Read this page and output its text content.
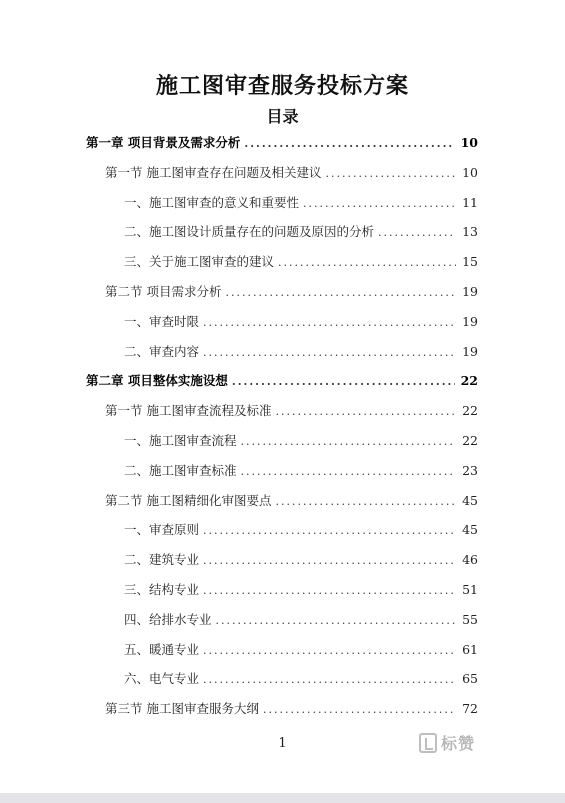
施工图审查服务投标方案
目录
第一章 项目背景及需求分析 .....	10
第一节 施工图审查存在问题及相关建议 .....	10
一、施工图审查的意义和重要性 .....	11
二、施工图设计质量存在的问题及原因的分析 .....	13
三、关于施工图审查的建议 .....	15
第二节 项目需求分析 .....	19
一、审查时限 .....	19
二、审查内容 .....	19
第二章 项目整体实施设想 .....	22
第一节 施工图审查流程及标准 .....	22
一、施工图审查流程 .....	22
二、施工图审查标准 .....	23
第二节 施工图精细化审图要点 .....	45
一、审查原则 .....	45
二、建筑专业 .....	46
三、结构专业 .....	51
四、给排水专业 .....	55
五、暖通专业 .....	61
六、电气专业 .....	65
第三节 施工图审查服务大纲 .....	72
1	标赞
